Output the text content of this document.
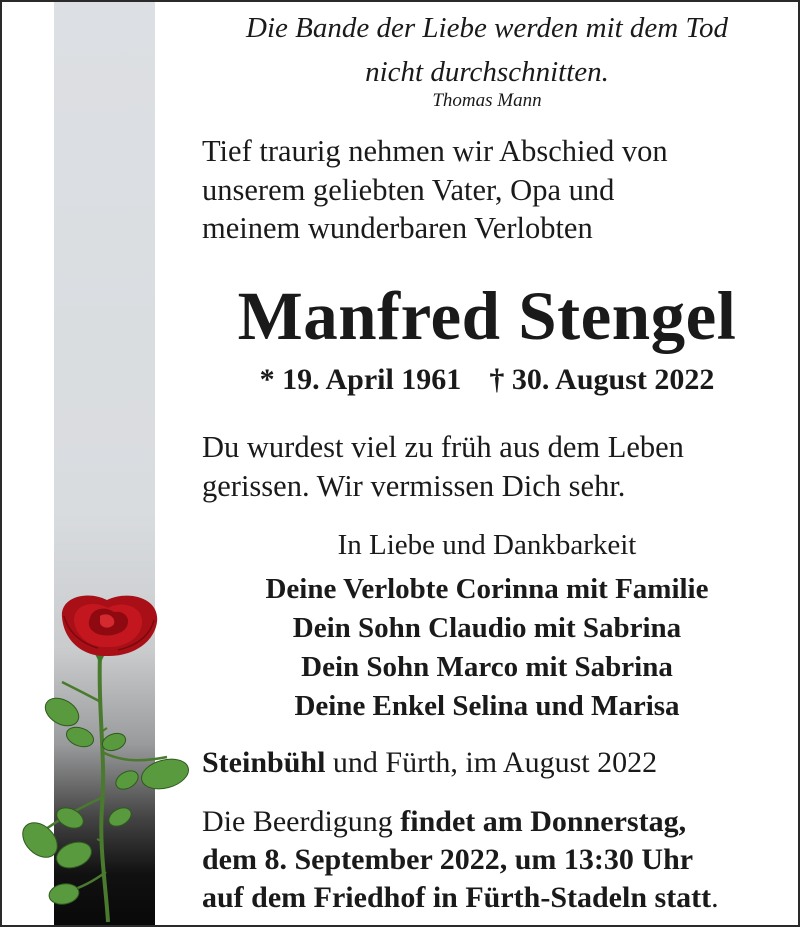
Die Bande der Liebe werden mit dem Tod
nicht durchschnitten.
Thomas Mann
Tief traurig nehmen wir Abschied von
unserem geliebten Vater, Opa und
meinem wunderbaren Verlobten
Manfred Stengel
* 19. April 1961 † 30. August 2022
Du wurdest viel zu früh aus dem Leben
gerissen. Wir vermissen Dich sehr.
In Liebe und Dankbarkeit
Deine Verlobte Corinna mit Familie
Dein Sohn Claudio mit Sabrina
Dein Sohn Marco mit Sabrina
Deine Enkel Selina und Marisa
Steinbühl und Fürth, im August 2022
Die Beerdigung findet am Donnerstag,
dem 8. September 2022, um 13:30 Uhr
auf dem Friedhof in Fürth-Stadeln statt.
